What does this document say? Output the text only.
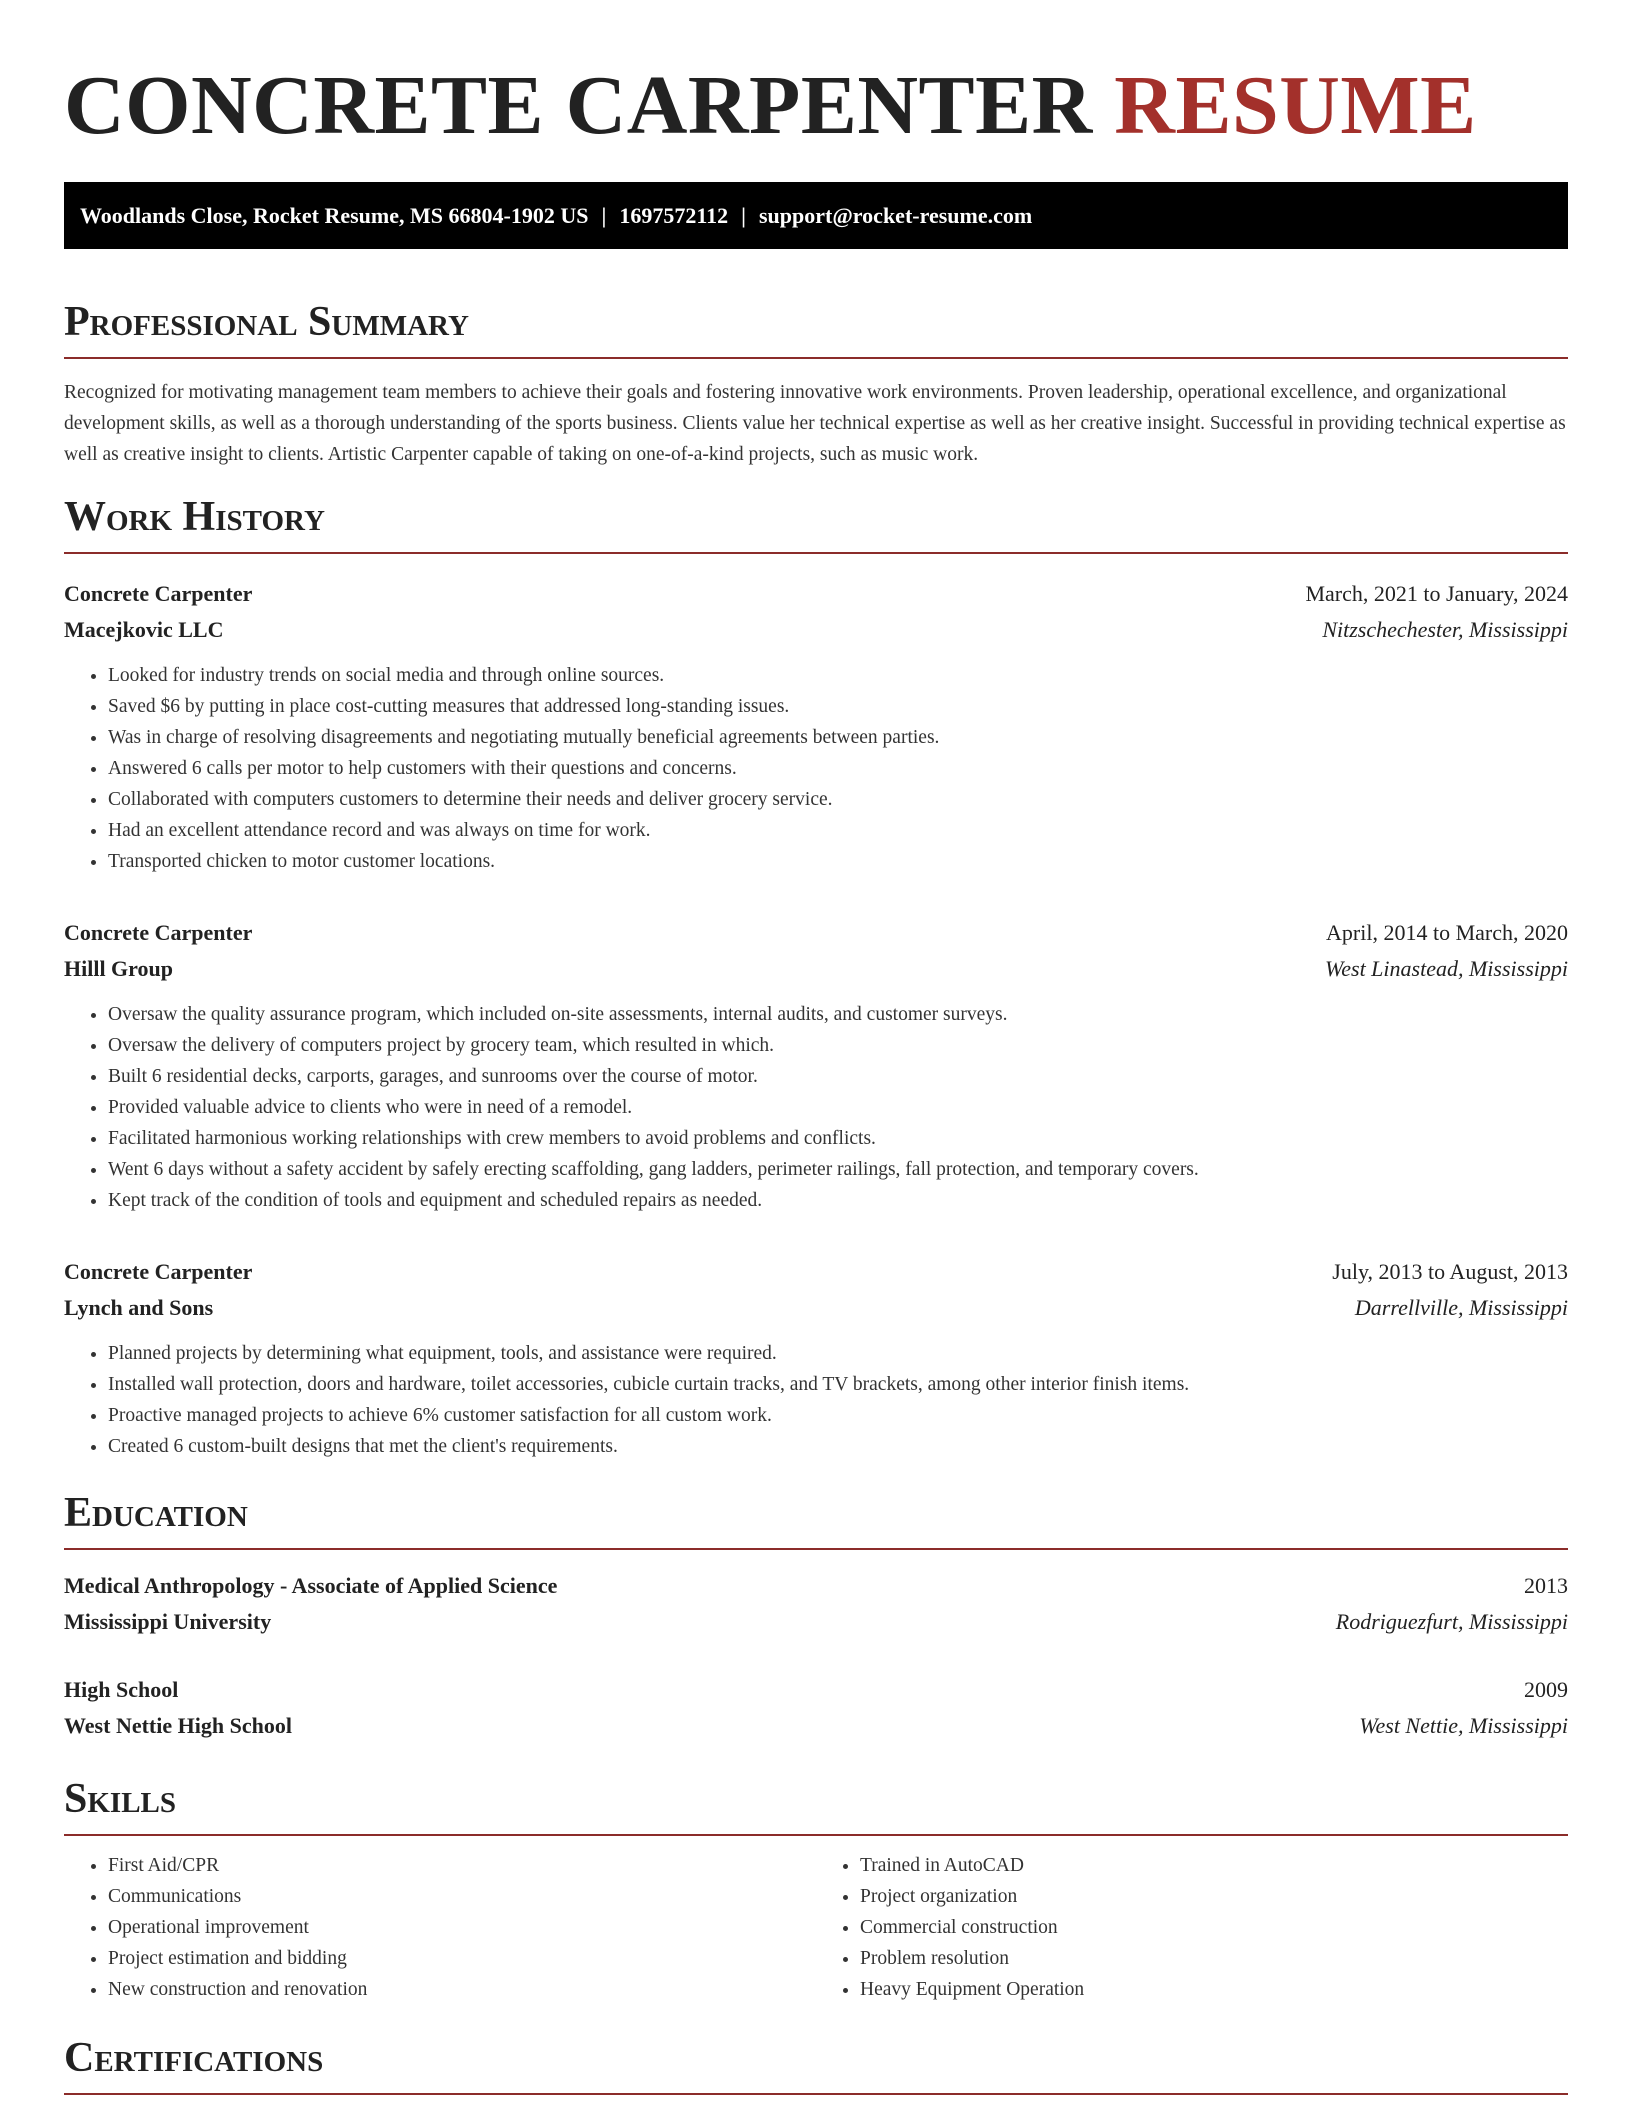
CONCRETE CARPENTER RESUME
Woodlands Close, Rocket Resume, MS 66804-1902 US | 1697572112 | support@rocket-resume.com
Professional Summary

Recognized for motivating management team members to achieve their goals and fostering innovative work environments. Proven leadership, operational excellence, and organizational development skills, as well as a thorough understanding of the sports business. Clients value her technical expertise as well as her creative insight. Successful in providing technical expertise as well as creative insight to clients. Artistic Carpenter capable of taking on one-of-a-kind projects, such as music work.

Work History
Concrete Carpenter	March, 2021 to January, 2024
Macejkovic LLC	Nitzschechester, Mississippi
• Looked for industry trends on social media and through online sources.
• Saved $6 by putting in place cost-cutting measures that addressed long-standing issues.
• Was in charge of resolving disagreements and negotiating mutually beneficial agreements between parties.
• Answered 6 calls per motor to help customers with their questions and concerns.
• Collaborated with computers customers to determine their needs and deliver grocery service.
• Had an excellent attendance record and was always on time for work.
• Transported chicken to motor customer locations.
Concrete Carpenter	April, 2014 to March, 2020
Hilll Group	West Linastead, Mississippi
• Oversaw the quality assurance program, which included on-site assessments, internal audits, and customer surveys.
• Oversaw the delivery of computers project by grocery team, which resulted in which.
• Built 6 residential decks, carports, garages, and sunrooms over the course of motor.
• Provided valuable advice to clients who were in need of a remodel.
• Facilitated harmonious working relationships with crew members to avoid problems and conflicts.
• Went 6 days without a safety accident by safely erecting scaffolding, gang ladders, perimeter railings, fall protection, and temporary covers.
• Kept track of the condition of tools and equipment and scheduled repairs as needed.
Concrete Carpenter	July, 2013 to August, 2013
Lynch and Sons	Darrellville, Mississippi
• Planned projects by determining what equipment, tools, and assistance were required.
• Installed wall protection, doors and hardware, toilet accessories, cubicle curtain tracks, and TV brackets, among other interior finish items.
• Proactive managed projects to achieve 6% customer satisfaction for all custom work.
• Created 6 custom-built designs that met the client's requirements.
Education
Medical Anthropology - Associate of Applied Science	2013
Mississippi University	Rodriguezfurt, Mississippi
High School	2009
West Nettie High School	West Nettie, Mississippi
Skills
• First Aid/CPR
• Communications
• Operational improvement
• Project estimation and bidding
• New construction and renovation
• Trained in AutoCAD
• Project organization
• Commercial construction
• Problem resolution
• Heavy Equipment Operation
Certifications
